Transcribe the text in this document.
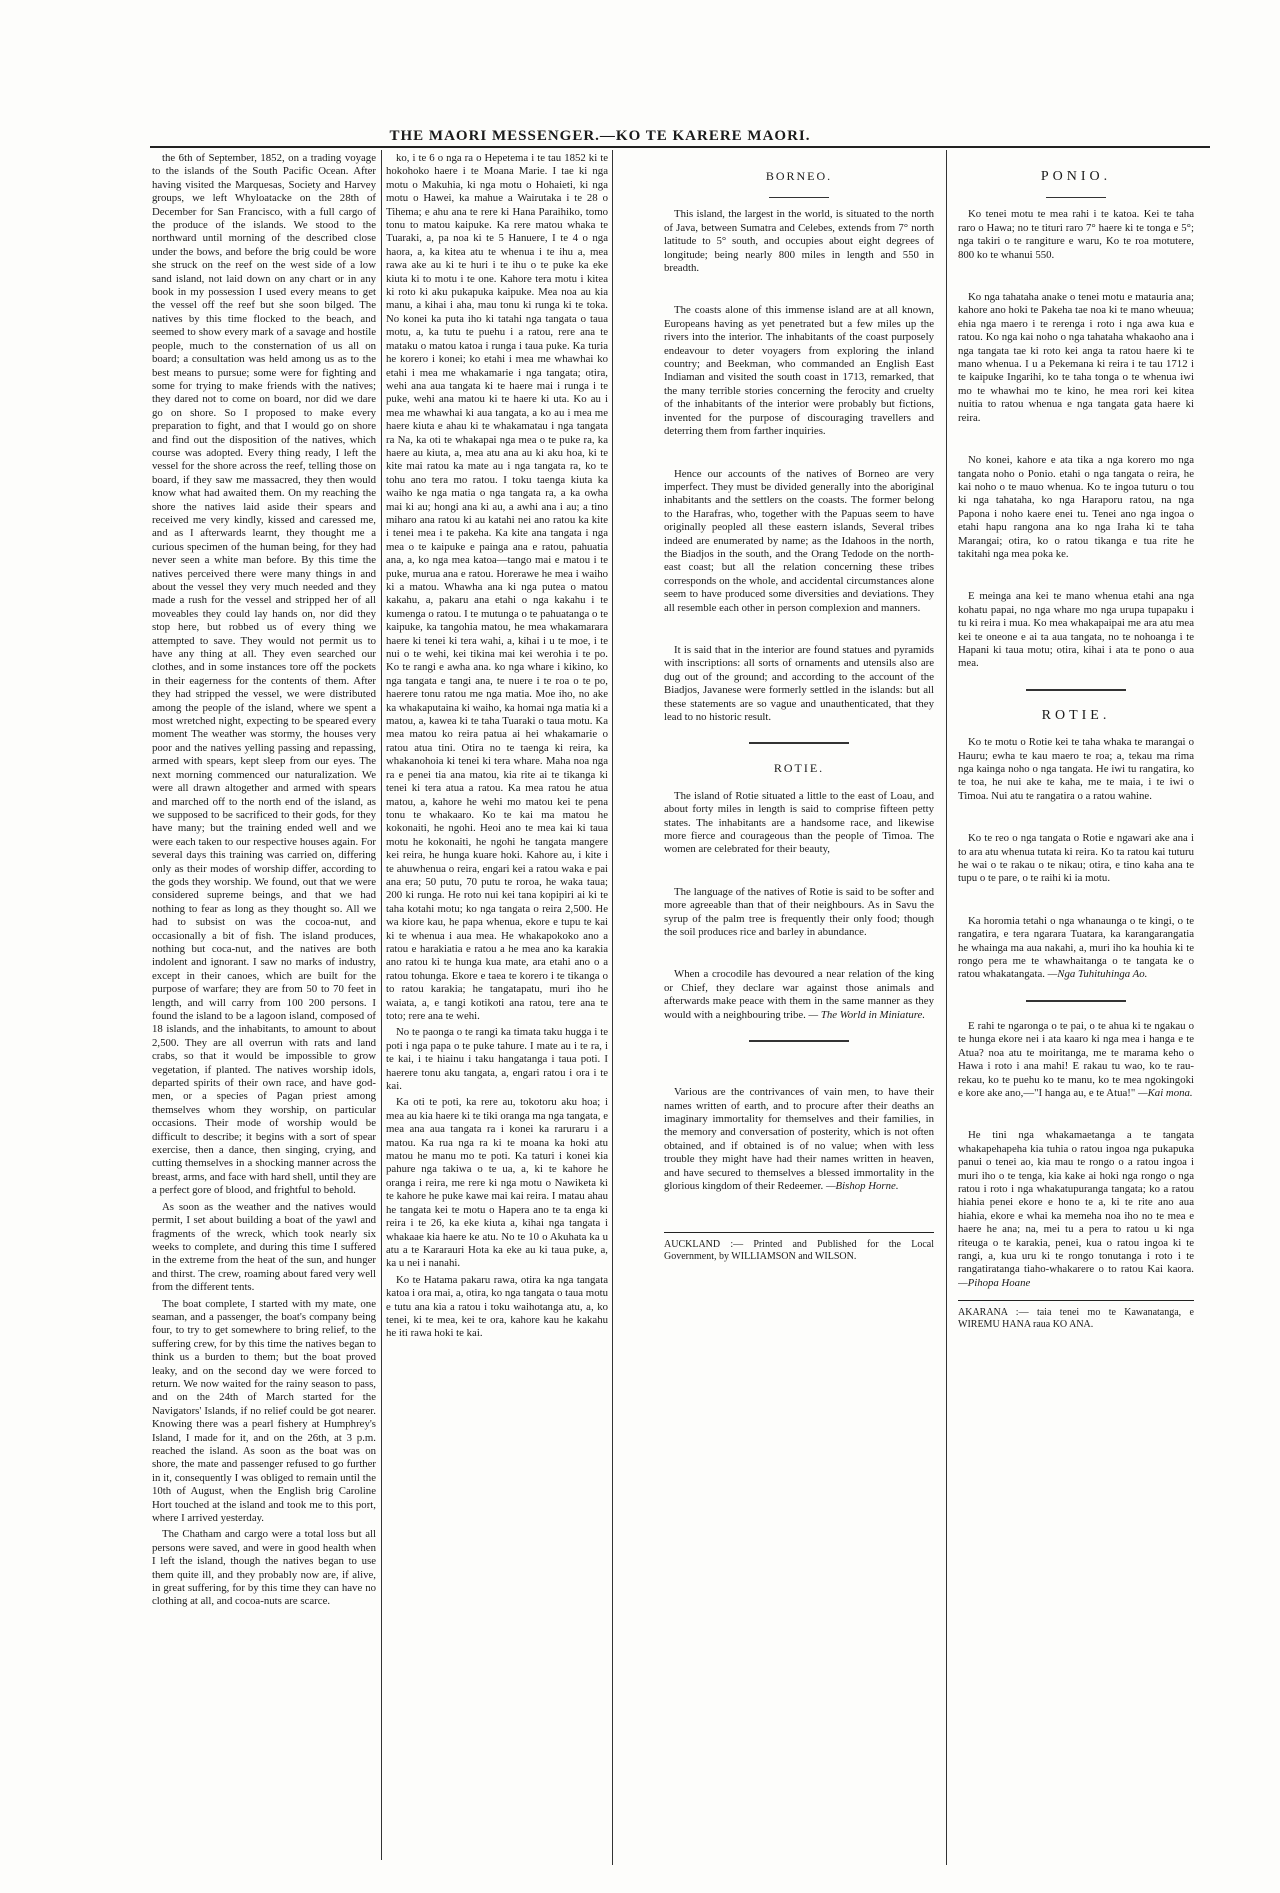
THE MAORI MESSENGER.—KO TE KARERE MAORI.

the 6th of September, 1852, on a trading voyage to the islands of the South Pacific Ocean. After having visited the Marquesas, Society and Harvey groups, we left Whyloatacke on the 28th of December for San Francisco, with a full cargo of the produce of the islands. We stood to the northward until morning of the described close under the bows, and before the brig could be wore she struck on the reef on the west side of a low sand island, not laid down on any chart or in any book in my possession I used every means to get the vessel off the reef but she soon bilged. The natives by this time flocked to the beach, and seemed to show every mark of a savage and hostile people, much to the consternation of us all on board; a consultation was held among us as to the best means to pursue; some were for fighting and some for trying to make friends with the natives; they dared not to come on board, nor did we dare go on shore. So I proposed to make every preparation to fight, and that I would go on shore and find out the disposition of the natives, which course was adopted. Every thing ready, I left the vessel for the shore across the reef, telling those on board, if they saw me massacred, they then would know what had awaited them. On my reaching the shore the natives laid aside their spears and received me very kindly, kissed and caressed me, and as I afterwards learnt, they thought me a curious specimen of the human being, for they had never seen a white man before. By this time the natives perceived there were many things in and about the vessel they very much needed and they made a rush for the vessel and stripped her of all moveables they could lay hands on, nor did they stop here, but robbed us of every thing we attempted to save. They would not permit us to have any thing at all. They even searched our clothes, and in some instances tore off the pockets in their eagerness for the contents of them. After they had stripped the vessel, we were distributed among the people of the island, where we spent a most wretched night, expecting to be speared every moment The weather was stormy, the houses very poor and the natives yelling passing and repassing, armed with spears, kept sleep from our eyes. The next morning commenced our naturalization. We were all drawn altogether and armed with spears and marched off to the north end of the island, as we supposed to be sacrificed to their gods, for they have many; but the training ended well and we were each taken to our respective houses again. For several days this training was carried on, differing only as their modes of worship differ, according to the gods they worship. We found, out that we were considered supreme beings, and that we had nothing to fear as long as they thought so. All we had to subsist on was the cocoa-nut, and occasionally a bit of fish. The island produces, nothing but coca-nut, and the natives are both indolent and ignorant. I saw no marks of industry, except in their canoes, which are built for the purpose of warfare; they are from 50 to 70 feet in length, and will carry from 100 200 persons. I found the island to be a lagoon island, composed of 18 islands, and the inhabitants, to amount to about 2,500. They are all overrun with rats and land crabs, so that it would be impossible to grow vegetation, if planted. The natives worship idols, departed spirits of their own race, and have god-men, or a species of Pagan priest among themselves whom they worship, on particular occasions. Their mode of worship would be difficult to describe; it begins with a sort of spear exercise, then a dance, then singing, crying, and cutting themselves in a shocking manner across the breast, arms, and face with hard shell, until they are a perfect gore of blood, and frightful to behold.

As soon as the weather and the natives would permit, I set about building a boat of the yawl and fragments of the wreck, which took nearly six weeks to complete, and during this time I suffered in the extreme from the heat of the sun, and hunger and thirst. The crew, roaming about fared very well from the different tents.

The boat complete, I started with my mate, one seaman, and a passenger, the boat's company being four, to try to get somewhere to bring relief, to the suffering crew, for by this time the natives began to think us a burden to them; but the boat proved leaky, and on the second day we were forced to return. We now waited for the rainy season to pass, and on the 24th of March started for the Navigators' Islands, if no relief could be got nearer. Knowing there was a pearl fishery at Humphrey's Island, I made for it, and on the 26th, at 3 p.m. reached the island. As soon as the boat was on shore, the mate and passenger refused to go further in it, consequently I was obliged to remain until the 10th of August, when the English brig Caroline Hort touched at the island and took me to this port, where I arrived yesterday.

The Chatham and cargo were a total loss but all persons were saved, and were in good health when I left the island, though the natives began to use them quite ill, and they probably now are, if alive, in great suffering, for by this time they can have no clothing at all, and cocoa-nuts are scarce.

ko, i te 6 o nga ra o Hepetema i te tau 1852 ki te hokohoko haere i te Moana Marie. I tae ki nga motu o Makuhia, ki nga motu o Hohaieti, ki nga motu o Hawei, ka mahue a Wairutaka i te 28 o Tihema; e ahu ana te rere ki Hana Paraihiko, tomo tonu to matou kaipuke. Ka rere matou whaka te Tuaraki, a, pa noa ki te 5 Hanuere, I te 4 o nga haora, a, ka kitea atu te whenua i te ihu a, mea rawa ake au ki te huri i te ihu o te puke ka eke kiuta ki to motu i te one. Kahore tera motu i kitea ki roto ki aku pukapuka kaipuke. Mea noa au kia manu, a kihai i aha, mau tonu ki runga ki te toka. No konei ka puta iho ki tatahi nga tangata o taua motu, a, ka tutu te puehu i a ratou, rere ana te mataku o matou katoa i runga i taua puke. Ka turia he korero i konei; ko etahi i mea me whawhai ko etahi i mea me whakamarie i nga tangata; otira, wehi ana aua tangata ki te haere mai i runga i te puke, wehi ana matou ki te haere ki uta. Ko au i mea me whawhai ki aua tangata, a ko au i mea me haere kiuta e ahau ki te whakamatau i nga tangata ra Na, ka oti te whakapai nga mea o te puke ra, ka haere au kiuta, a, mea atu ana au ki aku hoa, ki te kite mai ratou ka mate au i nga tangata ra, ko te tohu ano tera mo ratou. I toku taenga kiuta ka waiho ke nga matia o nga tangata ra, a ka owha mai ki au; hongi ana ki au, a awhi ana i au; a tino miharo ana ratou ki au katahi nei ano ratou ka kite i tenei mea i te pakeha. Ka kite ana tangata i nga mea o te kaipuke e painga ana e ratou, pahuatia ana, a, ko nga mea katoa—tango mai e matou i te puke, murua ana e ratou. Horerawe he mea i waiho ki a matou. Whawha ana ki nga putea o matou kakahu, a, pakaru ana etahi o nga kakahu i te kumenga o ratou. I te mutunga o te pahuatanga o te kaipuke, ka tangohia matou, he mea whakamarara haere ki tenei ki tera wahi, a, kihai i u te moe, i te nui o te wehi, kei tikina mai kei werohia i te po. Ko te rangi e awha ana. ko nga whare i kikino, ko nga tangata e tangi ana, te nuere i te roa o te po, haerere tonu ratou me nga matia. Moe iho, no ake ka whakaputaina ki waiho, ka homai nga matia ki a matou, a, kawea ki te taha Tuaraki o taua motu. Ka mea matou ko reira patua ai hei whakamarie o ratou atua tini. Otira no te taenga ki reira, ka whakanohoia ki tenei ki tera whare. Maha noa nga ra e penei tia ana matou, kia rite ai te tikanga ki tenei ki tera atua a ratou. Ka mea ratou he atua matou, a, kahore he wehi mo matou kei te pena tonu te whakaaro. Ko te kai ma matou he kokonaiti, he ngohi. Heoi ano te mea kai ki taua motu he kokonaiti, he ngohi he tangata mangere kei reira, he hunga kuare hoki. Kahore au, i kite i te ahuwhenua o reira, engari kei a ratou waka e pai ana era; 50 putu, 70 putu te roroa, he waka taua; 200 ki runga. He roto nui kei tana kopipiri ai ki te taha kotahi motu; ko nga tangata o reira 2,500. He wa kiore kau, he papa whenua, ekore e tupu te kai ki te whenua i aua mea. He whakapokoko ano a ratou e harakiatia e ratou a he mea ano ka karakia ano ratou ki te hunga kua mate, ara etahi ano o a ratou tohunga. Ekore e taea te korero i te tikanga o to ratou karakia; he tangatapatu, muri iho he waiata, a, e tangi kotikoti ana ratou, tere ana te toto; rere ana te wehi.

No te paonga o te rangi ka timata taku hugga i te poti i nga papa o te puke tahure. I mate au i te ra, i te kai, i te hiainu i taku hangatanga i taua poti. I haerere tonu aku tangata, a, engari ratou i ora i te kai.

Ka oti te poti, ka rere au, tokotoru aku hoa; i mea au kia haere ki te tiki oranga ma nga tangata, e mea ana aua tangata ra i konei ka raruraru i a matou. Ka rua nga ra ki te moana ka hoki atu matou he manu mo te poti. Ka taturi i konei kia pahure nga takiwa o te ua, a, ki te kahore he oranga i reira, me rere ki nga motu o Nawiketa ki te kahore he puke kawe mai kai reira. I matau ahau he tangata kei te motu o Hapera ano te ta enga ki reira i te 26, ka eke kiuta a, kihai nga tangata i whakaae kia haere ke atu. No te 10 o Akuhata ka u atu a te Kararauri Hota ka eke au ki taua puke, a, ka u nei i nanahi.

Ko te Hatama pakaru rawa, otira ka nga tangata katoa i ora mai, a, otira, ko nga tangata o taua motu e tutu ana kia a ratou i toku waihotanga atu, a, ko tenei, ki te mea, kei te ora, kahore kau he kakahu he iti rawa hoki te kai.

BORNEO.

This island, the largest in the world, is situated to the north of Java, between Sumatra and Celebes, extends from 7° north latitude to 5° south, and occupies about eight degrees of longitude; being nearly 800 miles in length and 550 in breadth.

The coasts alone of this immense island are at all known, Europeans having as yet penetrated but a few miles up the rivers into the interior. The inhabitants of the coast purposely endeavour to deter voyagers from exploring the inland country; and Beekman, who commanded an English East Indiaman and visited the south coast in 1713, remarked, that the many terrible stories concerning the ferocity and cruelty of the inhabitants of the interior were probably but fictions, invented for the purpose of discouraging travellers and deterring them from farther inquiries.

Hence our accounts of the natives of Borneo are very imperfect. They must be divided generally into the aboriginal inhabitants and the settlers on the coasts. The former belong to the Harafras, who, together with the Papuas seem to have originally peopled all these eastern islands, Several tribes indeed are enumerated by name; as the Idahoos in the north, the Biadjos in the south, and the Orang Tedode on the north-east coast; but all the relation concerning these tribes corresponds on the whole, and accidental circumstances alone seem to have produced some diversities and deviations. They all resemble each other in person complexion and manners.

It is said that in the interior are found statues and pyramids with inscriptions: all sorts of ornaments and utensils also are dug out of the ground; and according to the account of the Biadjos, Javanese were formerly settled in the islands: but all these statements are so vague and unauthenticated, that they lead to no historic result.

ROTIE.

The island of Rotie situated a little to the east of Loau, and about forty miles in length is said to comprise fifteen petty states. The inhabitants are a handsome race, and likewise more fierce and courageous than the people of Timoa. The women are celebrated for their beauty,

The language of the natives of Rotie is said to be softer and more agreeable than that of their neighbours. As in Savu the syrup of the palm tree is frequently their only food; though the soil produces rice and barley in abundance.

When a crocodile has devoured a near relation of the king or Chief, they declare war against those animals and afterwards make peace with them in the same manner as they would with a neighbouring tribe. — The World in Miniature.

Various are the contrivances of vain men, to have their names written of earth, and to procure after their deaths an imaginary immortality for themselves and their families, in the memory and conversation of posterity, which is not often obtained, and if obtained is of no value; when with less trouble they might have had their names written in heaven, and have secured to themselves a blessed immortality in the glorious kingdom of their Redeemer. —Bishop Horne.

AUCKLAND :— Printed and Published for the Local Government, by WILLIAMSON and WILSON.

PONIO.

Ko tenei motu te mea rahi i te katoa. Kei te taha raro o Hawa; no te tituri raro 7° haere ki te tonga e 5°; nga takiri o te rangiture e waru, Ko te roa motutere, 800 ko te whanui 550.

Ko nga tahataha anake o tenei motu e matauria ana; kahore ano hoki te Pakeha tae noa ki te mano wheuua; ehia nga maero i te rerenga i roto i nga awa kua e ratou. Ko nga kai noho o nga tahataha whakaoho ana i nga tangata tae ki roto kei anga ta ratou haere ki te mano whenua. I u a Pekemana ki reira i te tau 1712 i te kaipuke Ingarihi, ko te taha tonga o te whenua iwi mo te whawhai mo te kino, he mea rori kei kitea nuitia to ratou whenua e nga tangata gata haere ki reira.

No konei, kahore e ata tika a nga korero mo nga tangata noho o Ponio. etahi o nga tangata o reira, he kai noho o te mauo whenua. Ko te ingoa tuturu o tou ki nga tahataha, ko nga Haraporu ratou, na nga Papona i noho kaere enei tu. Tenei ano nga ingoa o etahi hapu rangona ana ko nga Iraha ki te taha Marangai; otira, ko o ratou tikanga e tua rite he takitahi nga mea poka ke.

E meinga ana kei te mano whenua etahi ana nga kohatu papai, no nga whare mo nga urupa tupapaku i tu ki reira i mua. Ko mea whakapaipai me ara atu mea kei te oneone e ai ta aua tangata, no te nohoanga i te Hapani ki taua motu; otira, kihai i ata te pono o aua mea.

ROTIE.

Ko te motu o Rotie kei te taha whaka te marangai o Hauru; ewha te kau maero te roa; a, tekau ma rima nga kainga noho o nga tangata. He iwi tu rangatira, ko te toa, he nui ake te kaha, me te maia, i te iwi o Timoa. Nui atu te rangatira o a ratou wahine.

Ko te reo o nga tangata o Rotie e ngawari ake ana i to ara atu whenua tutata ki reira. Ko ta ratou kai tuturu he wai o te rakau o te nikau; otira, e tino kaha ana te tupu o te pare, o te raihi ki ia motu.

Ka horomia tetahi o nga whanaunga o te kingi, o te rangatira, e tera ngarara Tuatara, ka karangarangatia he whainga ma aua nakahi, a, muri iho ka houhia ki te rongo pera me te whawhaitanga o te tangata ke o ratou whakatangata. —Nga Tuhituhinga Ao.

E rahi te ngaronga o te pai, o te ahua ki te ngakau o te hunga ekore nei i ata kaaro ki nga mea i hanga e te Atua? noa atu te moiritanga, me te marama keho o Hawa i roto i ana mahi! E rakau tu wao, ko te rau-rekau, ko te puehu ko te manu, ko te mea ngokingoki e kore ake ano,—"I hanga au, e te Atua!" —Kai mona.

He tini nga whakamaetanga a te tangata whakapehapeha kia tuhia o ratou ingoa nga pukapuka panui o tenei ao, kia mau te rongo o a ratou ingoa i muri iho o te tenga, kia kake ai hoki nga rongo o nga ratou i roto i nga whakatupuranga tangata; ko a ratou hiahia penei ekore e hono te a, ki te rite ano aua hiahia, ekore e whai ka memeha noa iho no te mea e haere he ana; na, mei tu a pera to ratou u ki nga riteuga o te karakia, penei, kua o ratou ingoa ki te rangi, a, kua uru ki te rongo tonutanga i roto i te rangatiratanga tiaho-whakarere o to ratou Kai kaora. —Pihopa Hoane

AKARANA :— taia tenei mo te Kawanatanga, e WIREMU HANA raua KO ANA.
